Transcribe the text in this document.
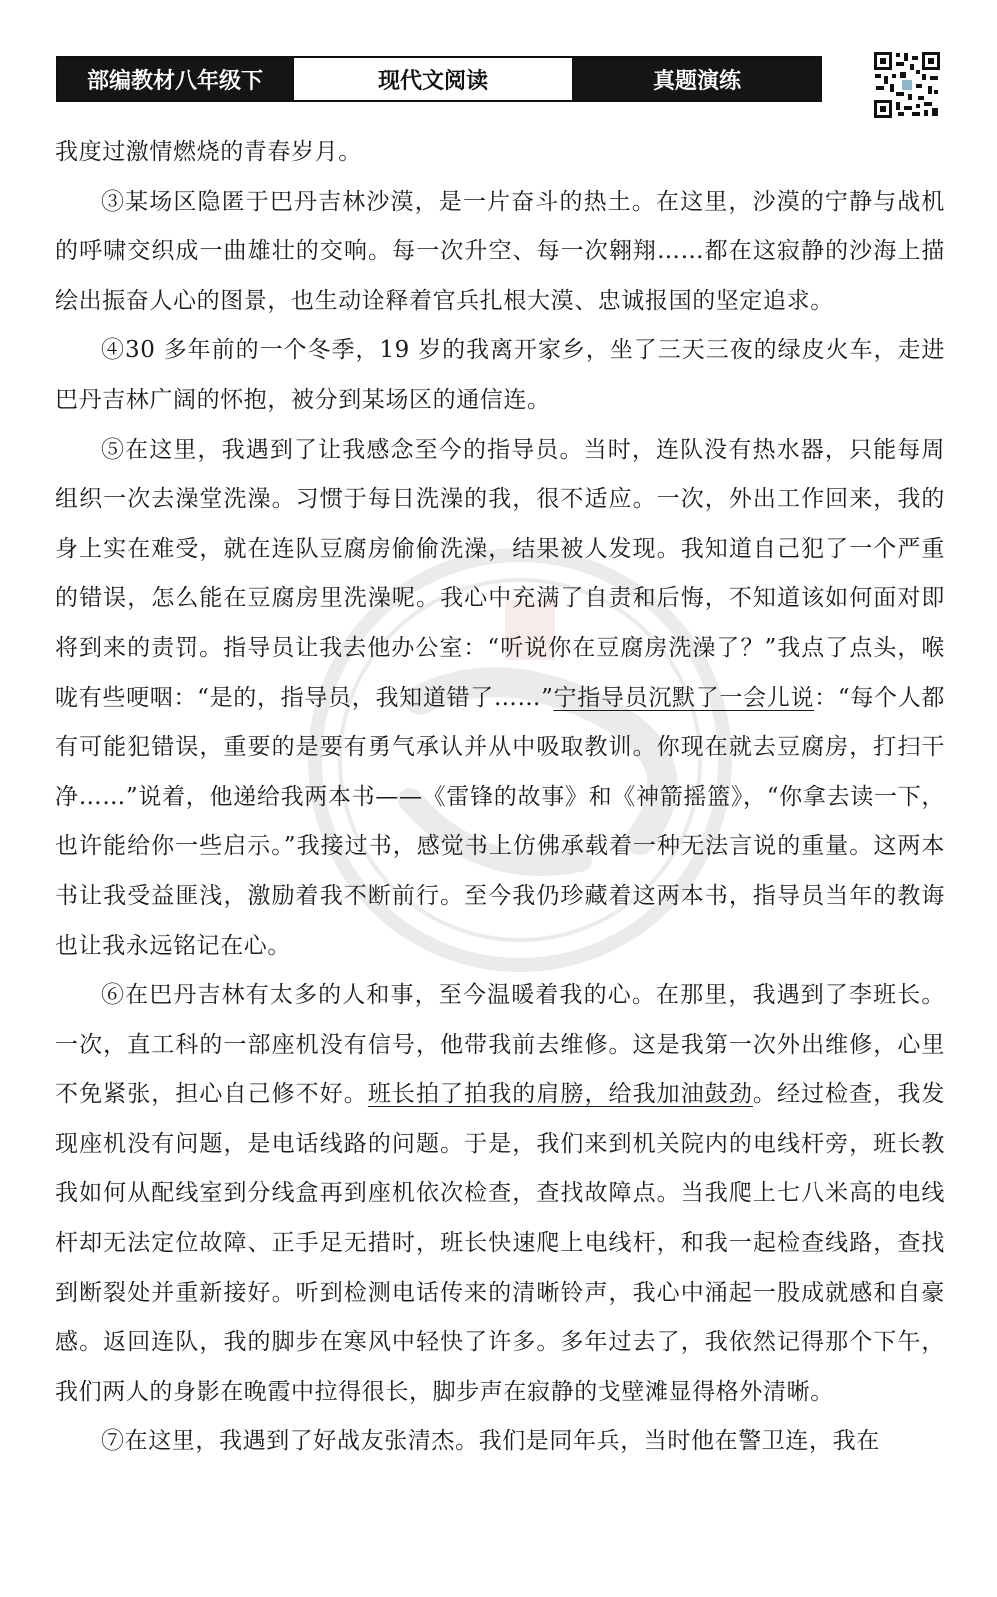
部编教材八年级下	现代文阅读	真题演练

我度过激情燃烧的青春岁月。

③某场区隐匿于巴丹吉林沙漠，是一片奋斗的热土。在这里，沙漠的宁静与战机的呼啸交织成一曲雄壮的交响。每一次升空、每一次翱翔……都在这寂静的沙海上描绘出振奋人心的图景，也生动诠释着官兵扎根大漠、忠诚报国的坚定追求。

④30 多年前的一个冬季，19 岁的我离开家乡，坐了三天三夜的绿皮火车，走进巴丹吉林广阔的怀抱，被分到某场区的通信连。

⑤在这里，我遇到了让我感念至今的指导员。当时，连队没有热水器，只能每周组织一次去澡堂洗澡。习惯于每日洗澡的我，很不适应。一次，外出工作回来，我的身上实在难受，就在连队豆腐房偷偷洗澡，结果被人发现。我知道自己犯了一个严重的错误，怎么能在豆腐房里洗澡呢。我心中充满了自责和后悔，不知道该如何面对即将到来的责罚。指导员让我去他办公室：“听说你在豆腐房洗澡了？”我点了点头，喉咙有些哽咽：“是的，指导员，我知道错了……”宁指导员沉默了一会儿说：“每个人都有可能犯错误，重要的是要有勇气承认并从中吸取教训。你现在就去豆腐房，打扫干净……”说着，他递给我两本书——《雷锋的故事》和《神箭摇篮》，“你拿去读一下，也许能给你一些启示。”我接过书，感觉书上仿佛承载着一种无法言说的重量。这两本书让我受益匪浅，激励着我不断前行。至今我仍珍藏着这两本书，指导员当年的教诲也让我永远铭记在心。

⑥在巴丹吉林有太多的人和事，至今温暖着我的心。在那里，我遇到了李班长。一次，直工科的一部座机没有信号，他带我前去维修。这是我第一次外出维修，心里不免紧张，担心自己修不好。班长拍了拍我的肩膀，给我加油鼓劲。经过检查，我发现座机没有问题，是电话线路的问题。于是，我们来到机关院内的电线杆旁，班长教我如何从配线室到分线盒再到座机依次检查，查找故障点。当我爬上七八米高的电线杆却无法定位故障、正手足无措时，班长快速爬上电线杆，和我一起检查线路，查找到断裂处并重新接好。听到检测电话传来的清晰铃声，我心中涌起一股成就感和自豪感。返回连队，我的脚步在寒风中轻快了许多。多年过去了，我依然记得那个下午，我们两人的身影在晚霞中拉得很长，脚步声在寂静的戈壁滩显得格外清晰。

⑦在这里，我遇到了好战友张清杰。我们是同年兵，当时他在警卫连，我在
